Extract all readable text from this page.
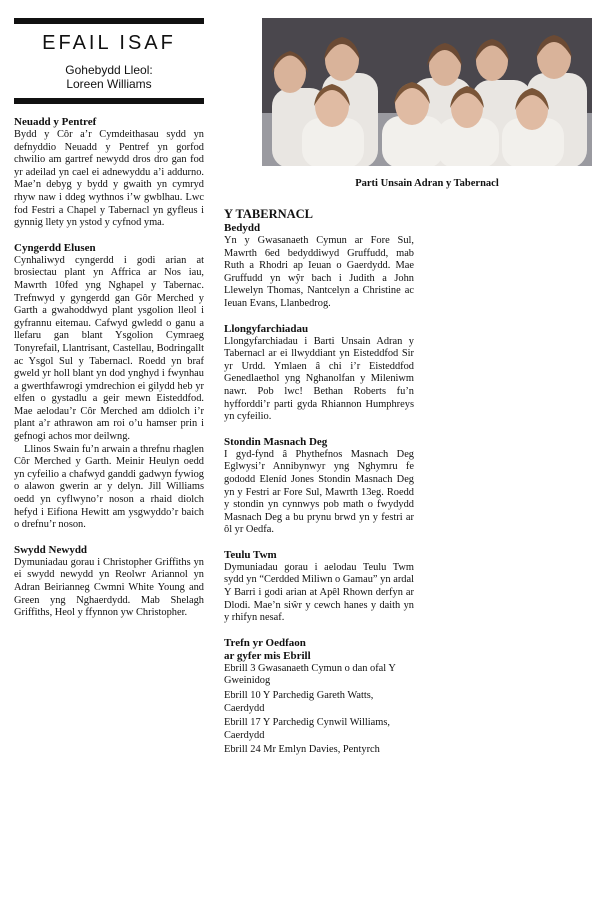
EFAIL ISAF
Gohebydd Lleol:
Loreen Williams

Neuadd y Pentref

Bydd y Côr a’r Cymdeithasau sydd yn defnyddio Neuadd y Pentref yn gorfod chwilio am gartref newydd dros dro gan fod yr adeilad yn cael ei adnewyddu a’i addurno. Mae’n debyg y bydd y gwaith yn cymryd rhyw naw i ddeg wythnos i’w gwblhau. Lwc fod Festri a Chapel y Tabernacl yn gyfleus i gynnig llety yn ystod y cyfnod yma.

Cyngerdd Elusen

Cynhaliwyd cyngerdd i godi arian at brosiectau plant yn Affrica ar Nos iau, Mawrth 10fed yng Nghapel y Tabernac. Trefnwyd y gyngerdd gan Gôr Merched y Garth a gwahoddwyd plant ysgolion lleol i gyfrannu eitemau. Cafwyd gwledd o ganu a llefaru gan blant Ysgolion Cymraeg Tonyrefail, Llantrisant, Castellau, Bodringallt ac Ysgol Sul y Tabernacl. Roedd yn braf gweld yr holl blant yn dod ynghyd i fwynhau a gwerthfawrogi ymdrechion ei gilydd heb yr elfen o gystadlu a geir mewn Eisteddfod. Mae aelodau’r Côr Merched am ddiolch i’r plant a’r athrawon am roi o’u hamser prin i gefnogi achos mor deilwng.

Llinos Swain fu’n arwain a threfnu rhaglen Côr Merched y Garth. Meinir Heulyn oedd yn cyfeilio a chafwyd ganddi gadwyn fywiog o alawon gwerin ar y delyn. Jill Williams oedd yn cyflwyno’r noson a rhaid diolch hefyd i Eifiona Hewitt am ysgwyddo’r baich o drefnu’r noson.

Swydd Newydd

Dymuniadau gorau i Christopher Griffiths yn ei swydd newydd yn Reolwr Ariannol yn Adran Beirianneg Cwmni White Young and Green yng Nghaerdydd. Mab Shelagh Griffiths, Heol y ffynnon yw Christopher.

Parti Unsain Adran y Tabernacl
Y TABERNACL

Bedydd

Yn y Gwasanaeth Cymun ar Fore Sul, Mawrth 6ed bedyddiwyd Gruffudd, mab Ruth a Rhodri ap Ieuan o Gaerdydd. Mae Gruffudd yn wŷr bach i Judith a John Llewelyn Thomas, Nantcelyn a Christine ac Ieuan Evans, Llanbedrog.

Llongyfarchiadau

Llongyfarchiadau i Barti Unsain Adran y Tabernacl ar ei llwyddiant yn Eisteddfod Sir yr Urdd. Ymlaen â chi i’r Eisteddfod Genedlaethol yng Nghanolfan y Mileniwm nawr. Pob lwc! Bethan Roberts fu’n hyfforddi’r parti gyda Rhiannon Humphreys yn cyfeilio.

Stondin Masnach Deg

I gyd-fynd â Phythefnos Masnach Deg Eglwysi’r Annibynwyr yng Nghymru fe gododd Eleníd Jones Stondin Masnach Deg yn y Festri ar Fore Sul, Mawrth 13eg. Roedd y stondin yn cynnwys pob math o fwydydd Masnach Deg a bu prynu brwd yn y festri ar ôl yr Oedfa.

Teulu Twm

Dymuniadau gorau i aelodau Teulu Twm sydd yn “Cerdded Miliwn o Gamau” yn ardal Y Barri i godi arian at Apêl Rhown derfyn ar Dlodi. Mae’n siŵr y cewch hanes y daith yn y rhifyn nesaf.

Trefn yr Oedfaon

ar gyfer mis Ebrill

Ebrill 3 Gwasanaeth Cymun o dan ofal Y Gweinidog
Ebrill 10 Y Parchedig Gareth Watts, Caerdydd
Ebrill 17 Y Parchedig Cynwil Williams, Caerdydd
Ebrill 24 Mr Emlyn Davies, Pentyrch
